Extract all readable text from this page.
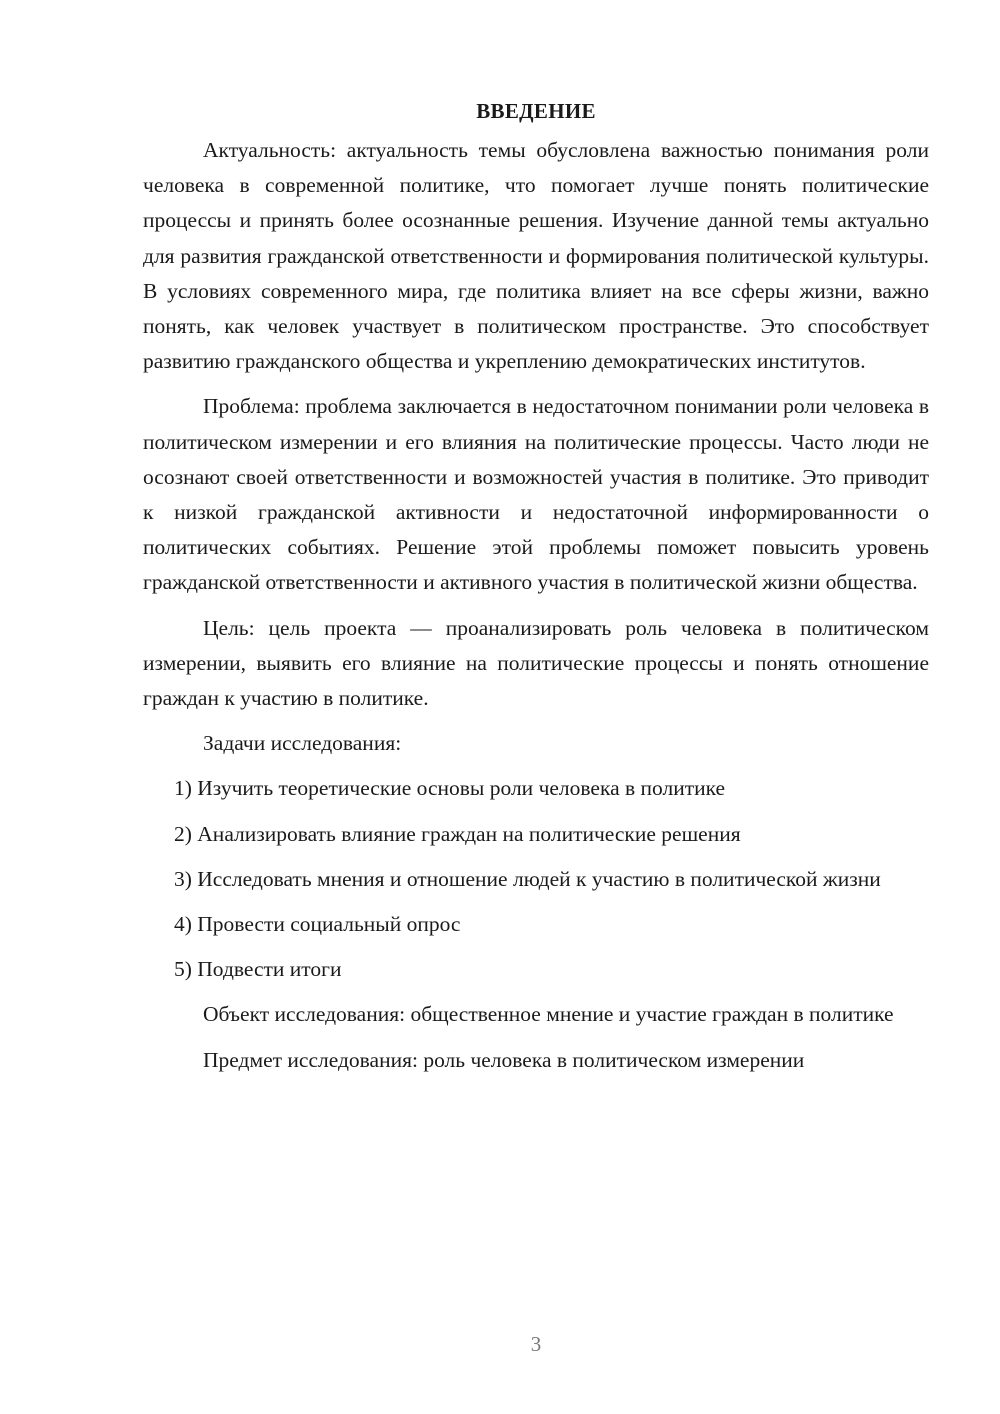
ВВЕДЕНИЕ

Актуальность: актуальность темы обусловлена важностью понимания роли человека в современной политике, что помогает лучше понять политические процессы и принять более осознанные решения. Изучение данной темы актуально для развития гражданской ответственности и формирования политической культуры. В условиях современного мира, где политика влияет на все сферы жизни, важно понять, как человек участвует в политическом пространстве. Это способствует развитию гражданского общества и укреплению демократических институтов.

Проблема: проблема заключается в недостаточном понимании роли человека в политическом измерении и его влияния на политические процессы. Часто люди не осознают своей ответственности и возможностей участия в политике. Это приводит к низкой гражданской активности и недостаточной информированности о политических событиях. Решение этой проблемы поможет повысить уровень гражданской ответственности и активного участия в политической жизни общества.

Цель: цель проекта — проанализировать роль человека в политическом измерении, выявить его влияние на политические процессы и понять отношение граждан к участию в политике.

Задачи исследования:

1) Изучить теоретические основы роли человека в политике

2) Анализировать влияние граждан на политические решения

3) Исследовать мнения и отношение людей к участию в политической жизни

4) Провести социальный опрос

5) Подвести итоги

Объект исследования: общественное мнение и участие граждан в политике

Предмет исследования: роль человека в политическом измерении

3
